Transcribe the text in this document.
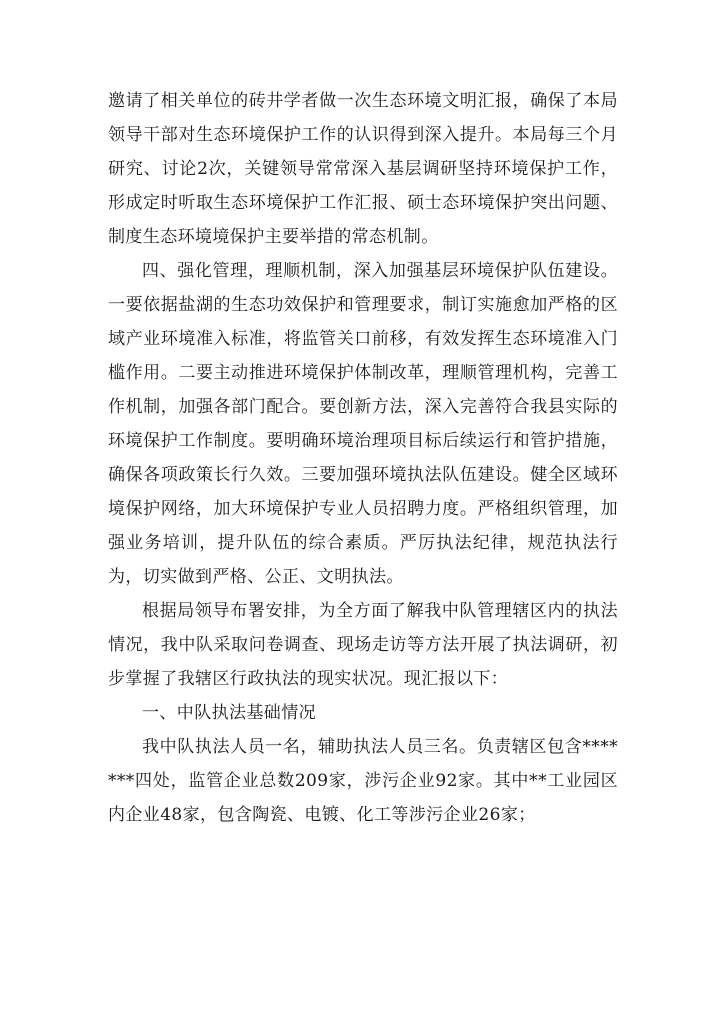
邀请了相关单位的砖井学者做一次生态环境文明汇报，确保了本局领导干部对生态环境保护工作的认识得到深入提升。本局每三个月研究、讨论2次，关键领导常常深入基层调研坚持环境保护工作，形成定时听取生态环境保护工作汇报、硕士态环境保护突出问题、制度生态环境境保护主要举措的常态机制。

四、强化管理，理顺机制，深入加强基层环境保护队伍建设。一要依据盐湖的生态功效保护和管理要求，制订实施愈加严格的区域产业环境准入标准，将监管关口前移，有效发挥生态环境准入门槛作用。二要主动推进环境保护体制改革，理顺管理机构，完善工作机制，加强各部门配合。要创新方法，深入完善符合我县实际的环境保护工作制度。要明确环境治理项目标后续运行和管护措施，确保各项政策长行久效。三要加强环境执法队伍建设。健全区域环境保护网络，加大环境保护专业人员招聘力度。严格组织管理，加强业务培训，提升队伍的综合素质。严厉执法纪律，规范执法行为，切实做到严格、公正、文明执法。

根据局领导布署安排，为全方面了解我中队管理辖区内的执法情况，我中队采取问卷调查、现场走访等方法开展了执法调研，初步掌握了我辖区行政执法的现实状况。现汇报以下：

一、中队执法基础情况

我中队执法人员一名，辅助执法人员三名。负责辖区包含*******四处，监管企业总数209家，涉污企业92家。其中**工业园区内企业48家，包含陶瓷、电镀、化工等涉污企业26家；
